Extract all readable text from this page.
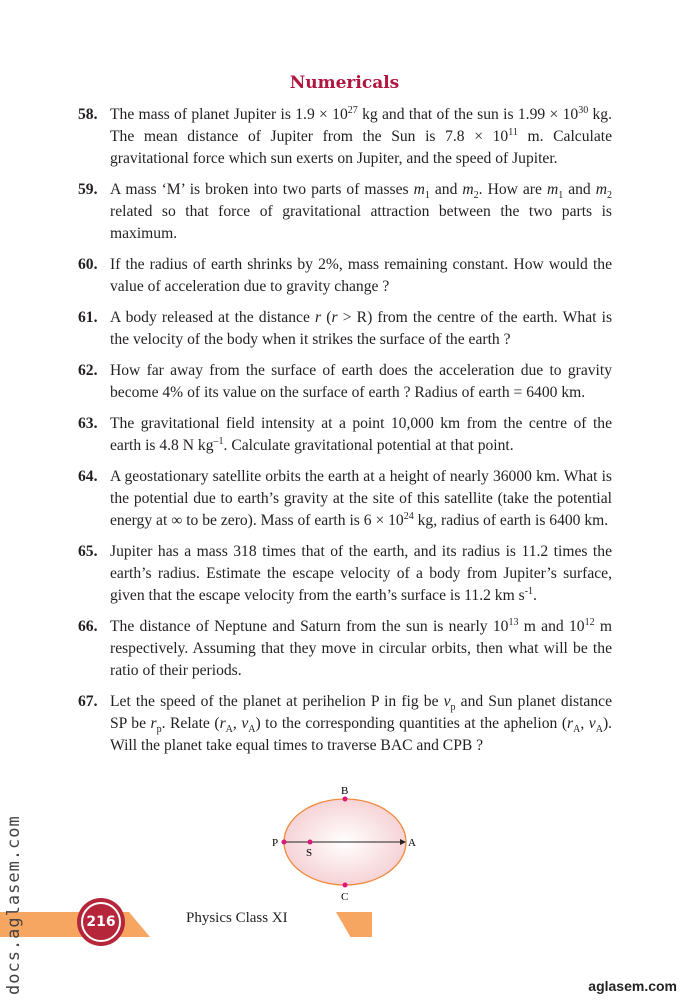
Numericals
58. The mass of planet Jupiter is $1.9 \times 10^{27}$ kg and that of the sun is $1.99 \times 10^{30}$ kg. The mean distance of Jupiter from the Sun is $7.8 \times 10^{11}$ m. Calculate gravitational force which sun exerts on Jupiter, and the speed of Jupiter.
59. A mass ‘M’ is broken into two parts of masses $m_1$ and $m_2$. How are $m_1$ and $m_2$ related so that force of gravitational attraction between the two parts is maximum.
60. If the radius of earth shrinks by 2%, mass remaining constant. How would the value of acceleration due to gravity change ?
61. A body released at the distance r (r > R) from the centre of the earth. What is the velocity of the body when it strikes the surface of the earth ?
62. How far away from the surface of earth does the acceleration due to gravity become 4% of its value on the surface of earth ? Radius of earth = 6400 km.
63. The gravitational field intensity at a point 10,000 km from the centre of the earth is 4.8 N $kg^{-1}$. Calculate gravitational potential at that point.
64. A geostationary satellite orbits the earth at a height of nearly 36000 km. What is the potential due to earth’s gravity at the site of this satellite (take the potential energy at ∞ to be zero). Mass of earth is $6 \times 10^{24}$ kg, radius of earth is 6400 km.
65. Jupiter has a mass 318 times that of the earth, and its radius is 11.2 times the earth’s radius. Estimate the escape velocity of a body from Jupiter’s surface, given that the escape velocity from the earth’s surface is 11.2 km $s^{-1}$.
66. The distance of Neptune and Saturn from the sun is nearly $10^{13}$ m and $10^{12}$ m respectively. Assuming that they move in circular orbits, then what will be the ratio of their periods.
67. Let the speed of the planet at perihelion P in fig be $v_p$ and Sun planet distance SP be $r_p$. Relate ($r_A$, $v_A$) to the corresponding quantities at the aphelion ($r_A$, $v_A$). Will the planet take equal times to traverse BAC and CPB ?
B
P
S
A
C
216	Physics Class XI
docs.aglasem.com	aglasem.com
